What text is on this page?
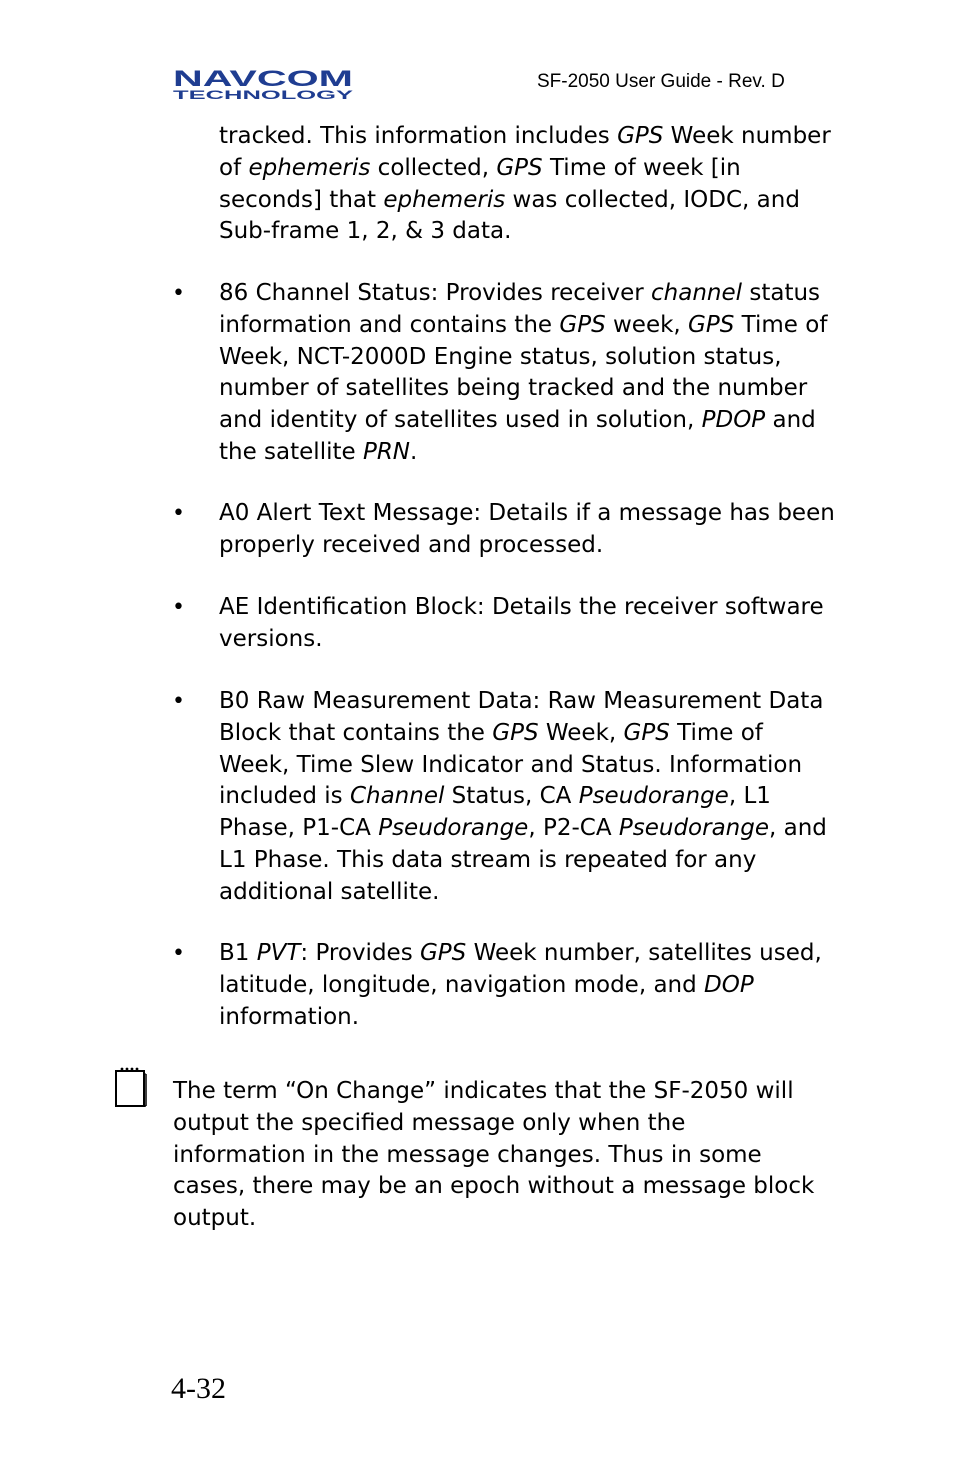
NAVCOM
TECHNOLOGY
SF-2050 User Guide - Rev. D
tracked. This information includes GPS Week number of ephemeris collected, GPS Time of week [in seconds] that ephemeris was collected, IODC, and Sub-frame 1, 2, & 3 data.
• 86 Channel Status: Provides receiver channel status information and contains the GPS week, GPS Time of Week, NCT-2000D Engine status, solution status, number of satellites being tracked and the number and identity of satellites used in solution, PDOP and the satellite PRN.
• A0 Alert Text Message: Details if a message has been properly received and processed.
• AE Identification Block: Details the receiver software versions.
• B0 Raw Measurement Data: Raw Measurement Data Block that contains the GPS Week, GPS Time of Week, Time Slew Indicator and Status. Information included is Channel Status, CA Pseudorange, L1 Phase, P1-CA Pseudorange, P2-CA Pseudorange, and L1 Phase. This data stream is repeated for any additional satellite.
• B1 PVT: Provides GPS Week number, satellites used, latitude, longitude, navigation mode, and DOP information.
The term “On Change” indicates that the SF-2050 will output the specified message only when the information in the message changes. Thus in some cases, there may be an epoch without a message block output.
4-32
